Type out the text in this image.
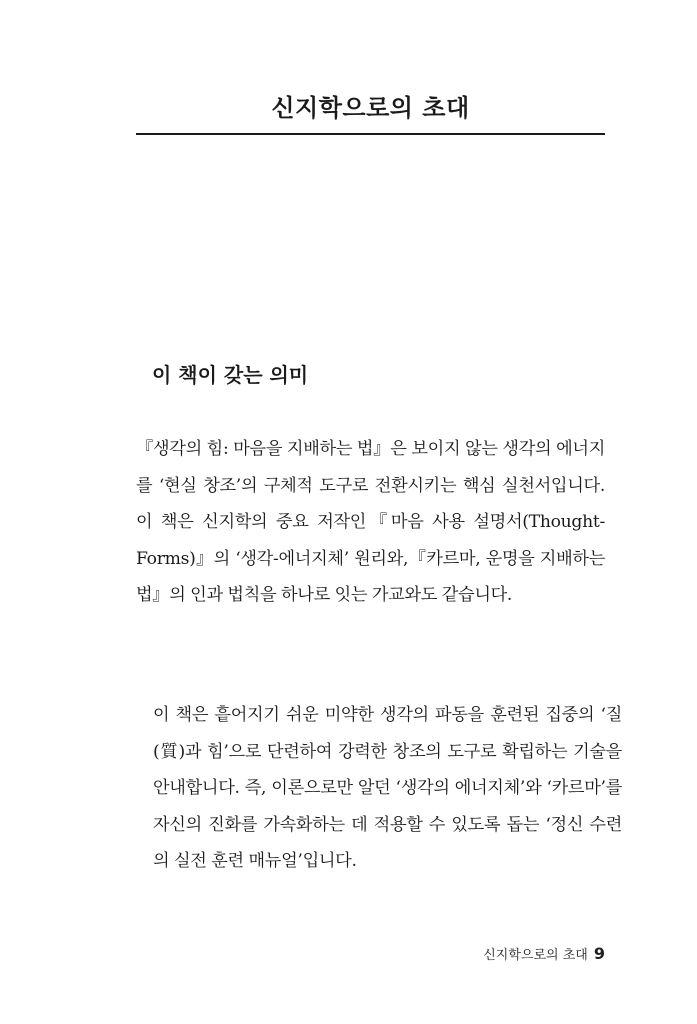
신지학으로의 초대
이 책이 갖는 의미

『생각의 힘: 마음을 지배하는 법』은 보이지 않는 생각의 에너지를 ‘현실 창조’의 구체적 도구로 전환시키는 핵심 실천서입니다. 이 책은 신지학의 중요 저작인『마음 사용 설명서(Thought-Forms)』의 ‘생각-에너지체’ 원리와,『카르마, 운명을 지배하는 법』의 인과 법칙을 하나로 잇는 가교와도 같습니다.

이 책은 흩어지기 쉬운 미약한 생각의 파동을 훈련된 집중의 ‘질(質)과 힘’으로 단련하여 강력한 창조의 도구로 확립하는 기술을 안내합니다. 즉, 이론으로만 알던 ‘생각의 에너지체’와 ‘카르마’를 자신의 진화를 가속화하는 데 적용할 수 있도록 돕는 ‘정신 수련의 실전 훈련 매뉴얼’입니다.

신지학으로의 초대 9
